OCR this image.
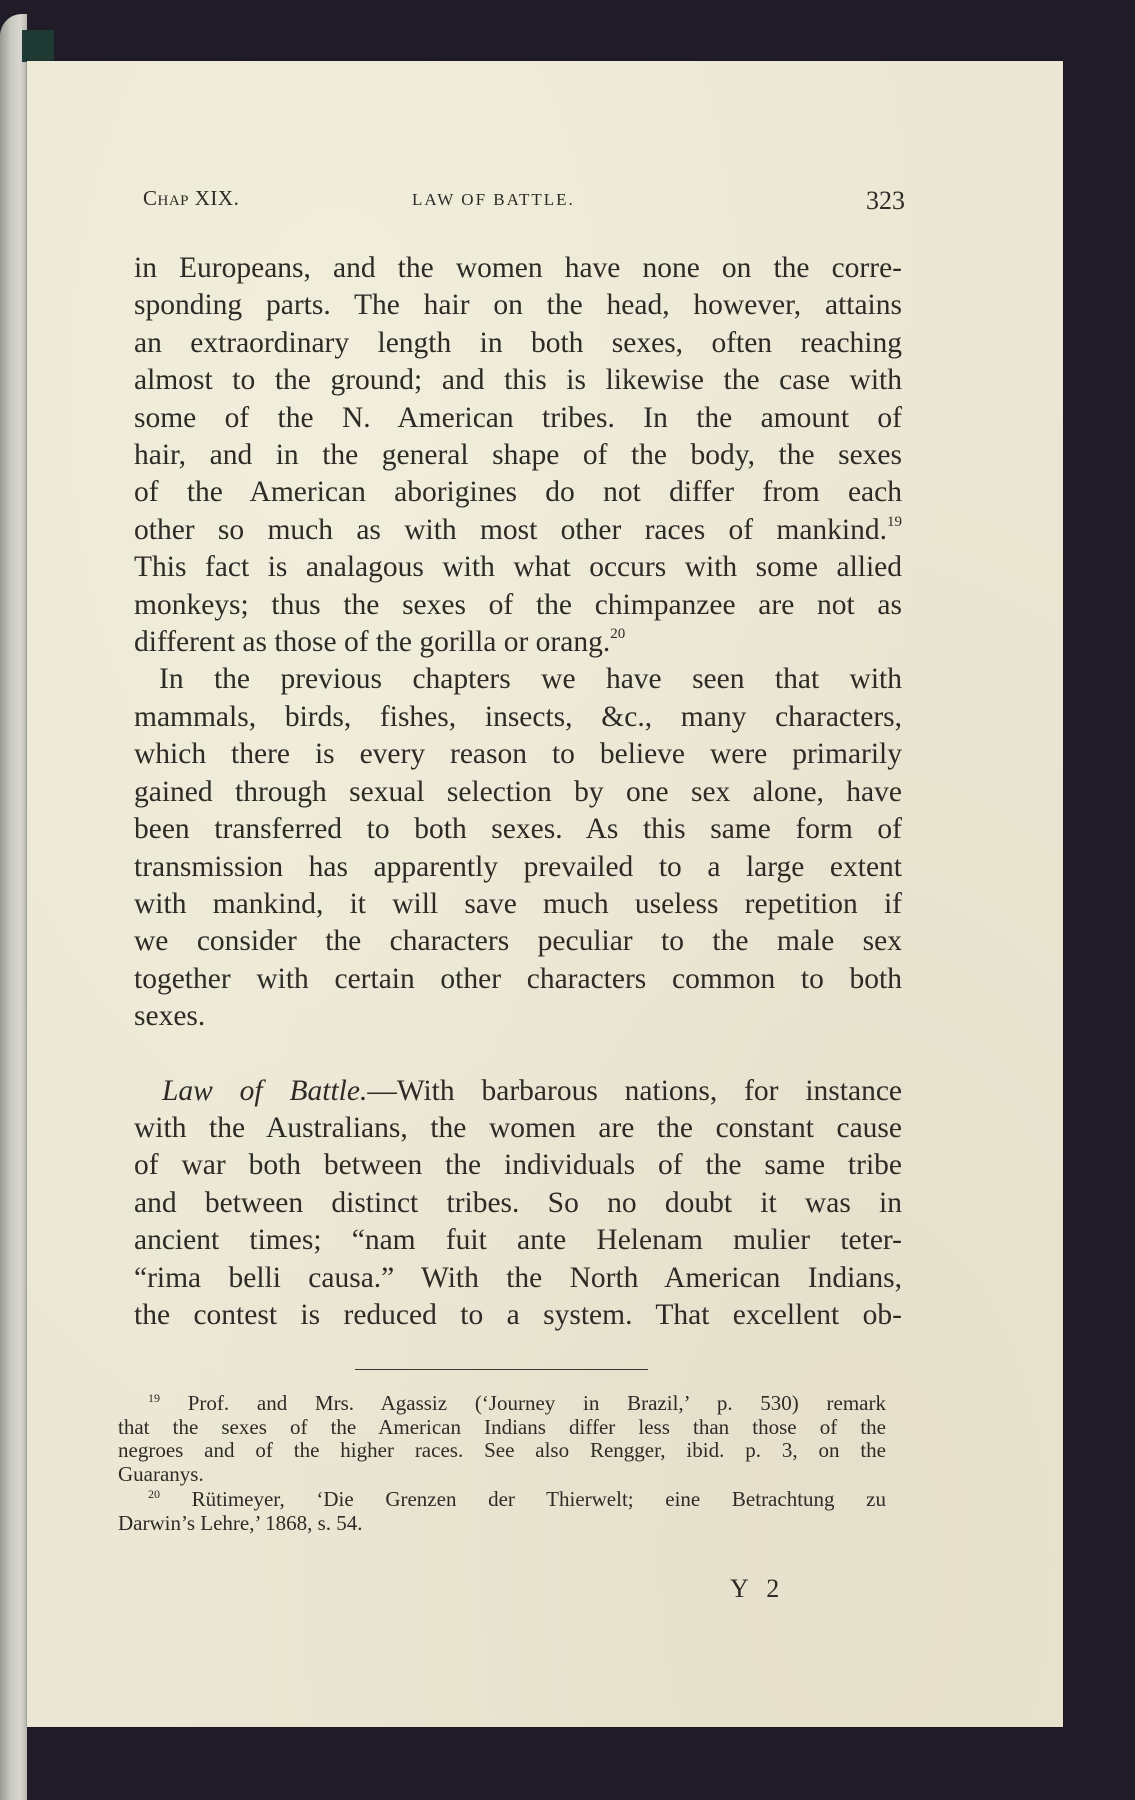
Chap XIX.	LAW OF BATTLE.	323

in Europeans, and the women have none on the corre-
sponding parts. The hair on the head, however, attains
an extraordinary length in both sexes, often reaching
almost to the ground; and this is likewise the case with
some of the N. American tribes. In the amount of
hair, and in the general shape of the body, the sexes
of the American aborigines do not differ from each
other so much as with most other races of mankind.$^{19}$
This fact is analagous with what occurs with some allied
monkeys; thus the sexes of the chimpanzee are not as
different as those of the gorilla or orang.$^{20}$

In the previous chapters we have seen that with
mammals, birds, fishes, insects, &c., many characters,
which there is every reason to believe were primarily
gained through sexual selection by one sex alone, have
been transferred to both sexes. As this same form of
transmission has apparently prevailed to a large extent
with mankind, it will save much useless repetition if
we consider the characters peculiar to the male sex
together with certain other characters common to both
sexes.

Law of Battle.—With barbarous nations, for instance
with the Australians, the women are the constant cause
of war both between the individuals of the same tribe
and between distinct tribes. So no doubt it was in
ancient times; “nam fuit ante Helenam mulier teter-
“rima belli causa.” With the North American Indians,
the contest is reduced to a system. That excellent ob-

$^{19}$ Prof. and Mrs. Agassiz (‘Journey in Brazil,’ p. 530) remark
that the sexes of the American Indians differ less than those of the
negroes and of the higher races. See also Rengger, ibid. p. 3, on the
Guaranys.
$^{20}$ Rütimeyer, ‘Die Grenzen der Thierwelt; eine Betrachtung zu
Darwin’s Lehre,’ 1868, s. 54.
Y 2
